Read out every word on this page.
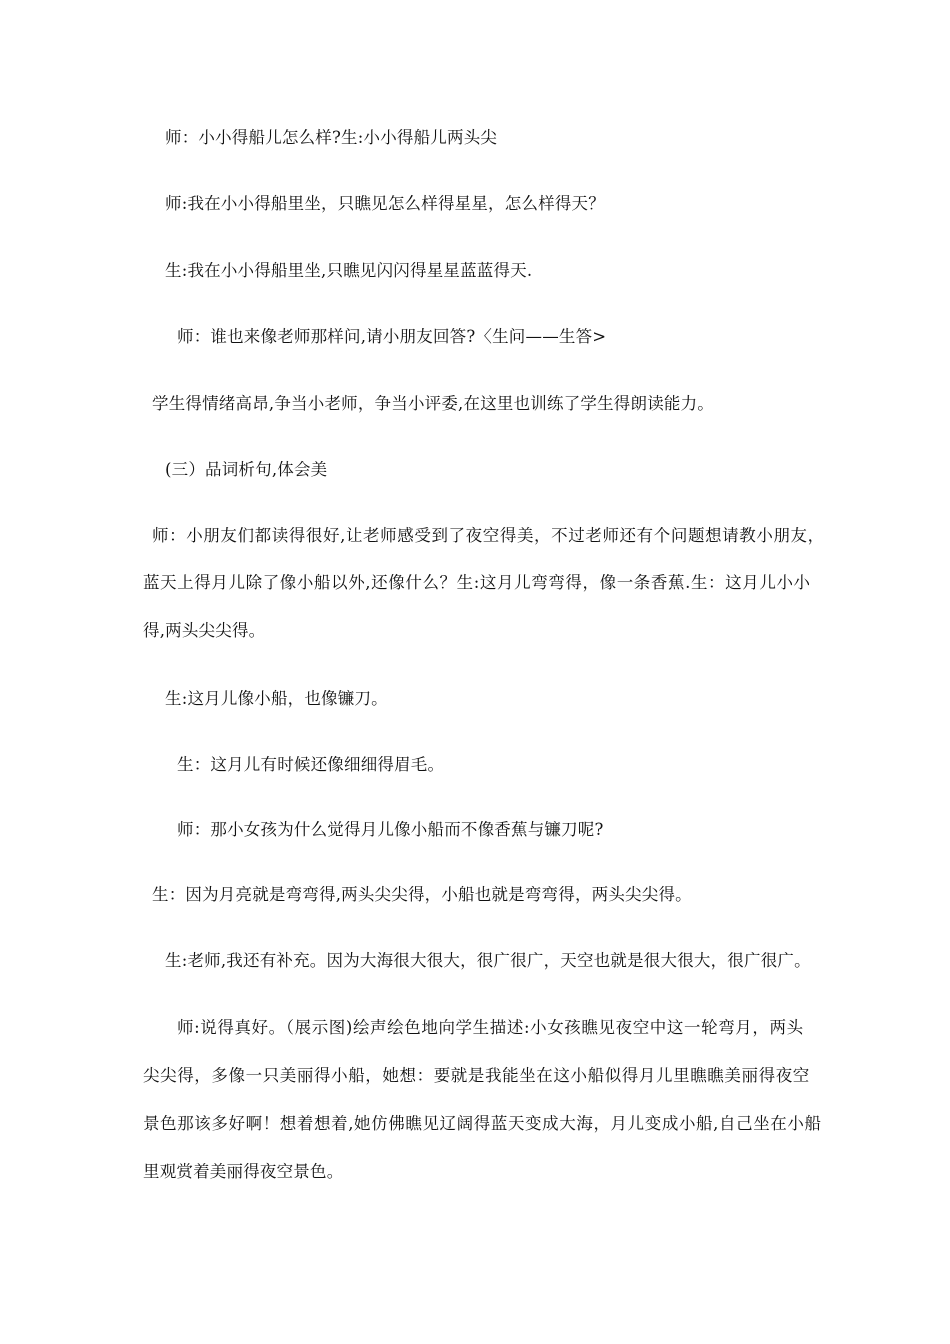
师：小小得船儿怎么样?生:小小得船儿两头尖
师:我在小小得船里坐，只瞧见怎么样得星星，怎么样得天？
生:我在小小得船里坐,只瞧见闪闪得星星蓝蓝得天.
师：谁也来像老师那样问,请小朋友回答?〈生问——生答>
学生得情绪高昂,争当小老师，争当小评委,在这里也训练了学生得朗读能力。
(三）品词析句,体会美
师：小朋友们都读得很好,让老师感受到了夜空得美，不过老师还有个问题想请教小朋友，
蓝天上得月儿除了像小船以外,还像什么？生:这月儿弯弯得，像一条香蕉.生：这月儿小小
得,两头尖尖得。
生:这月儿像小船，也像镰刀。
生：这月儿有时候还像细细得眉毛。
师：那小女孩为什么觉得月儿像小船而不像香蕉与镰刀呢?
生：因为月亮就是弯弯得,两头尖尖得，小船也就是弯弯得，两头尖尖得。
生:老师,我还有补充。因为大海很大很大，很广很广，天空也就是很大很大，很广很广。
师:说得真好。（展示图)绘声绘色地向学生描述:小女孩瞧见夜空中这一轮弯月，两头
尖尖得，多像一只美丽得小船，她想：要就是我能坐在这小船似得月儿里瞧瞧美丽得夜空
景色那该多好啊！想着想着,她仿佛瞧见辽阔得蓝天变成大海，月儿变成小船,自己坐在小船
里观赏着美丽得夜空景色。
